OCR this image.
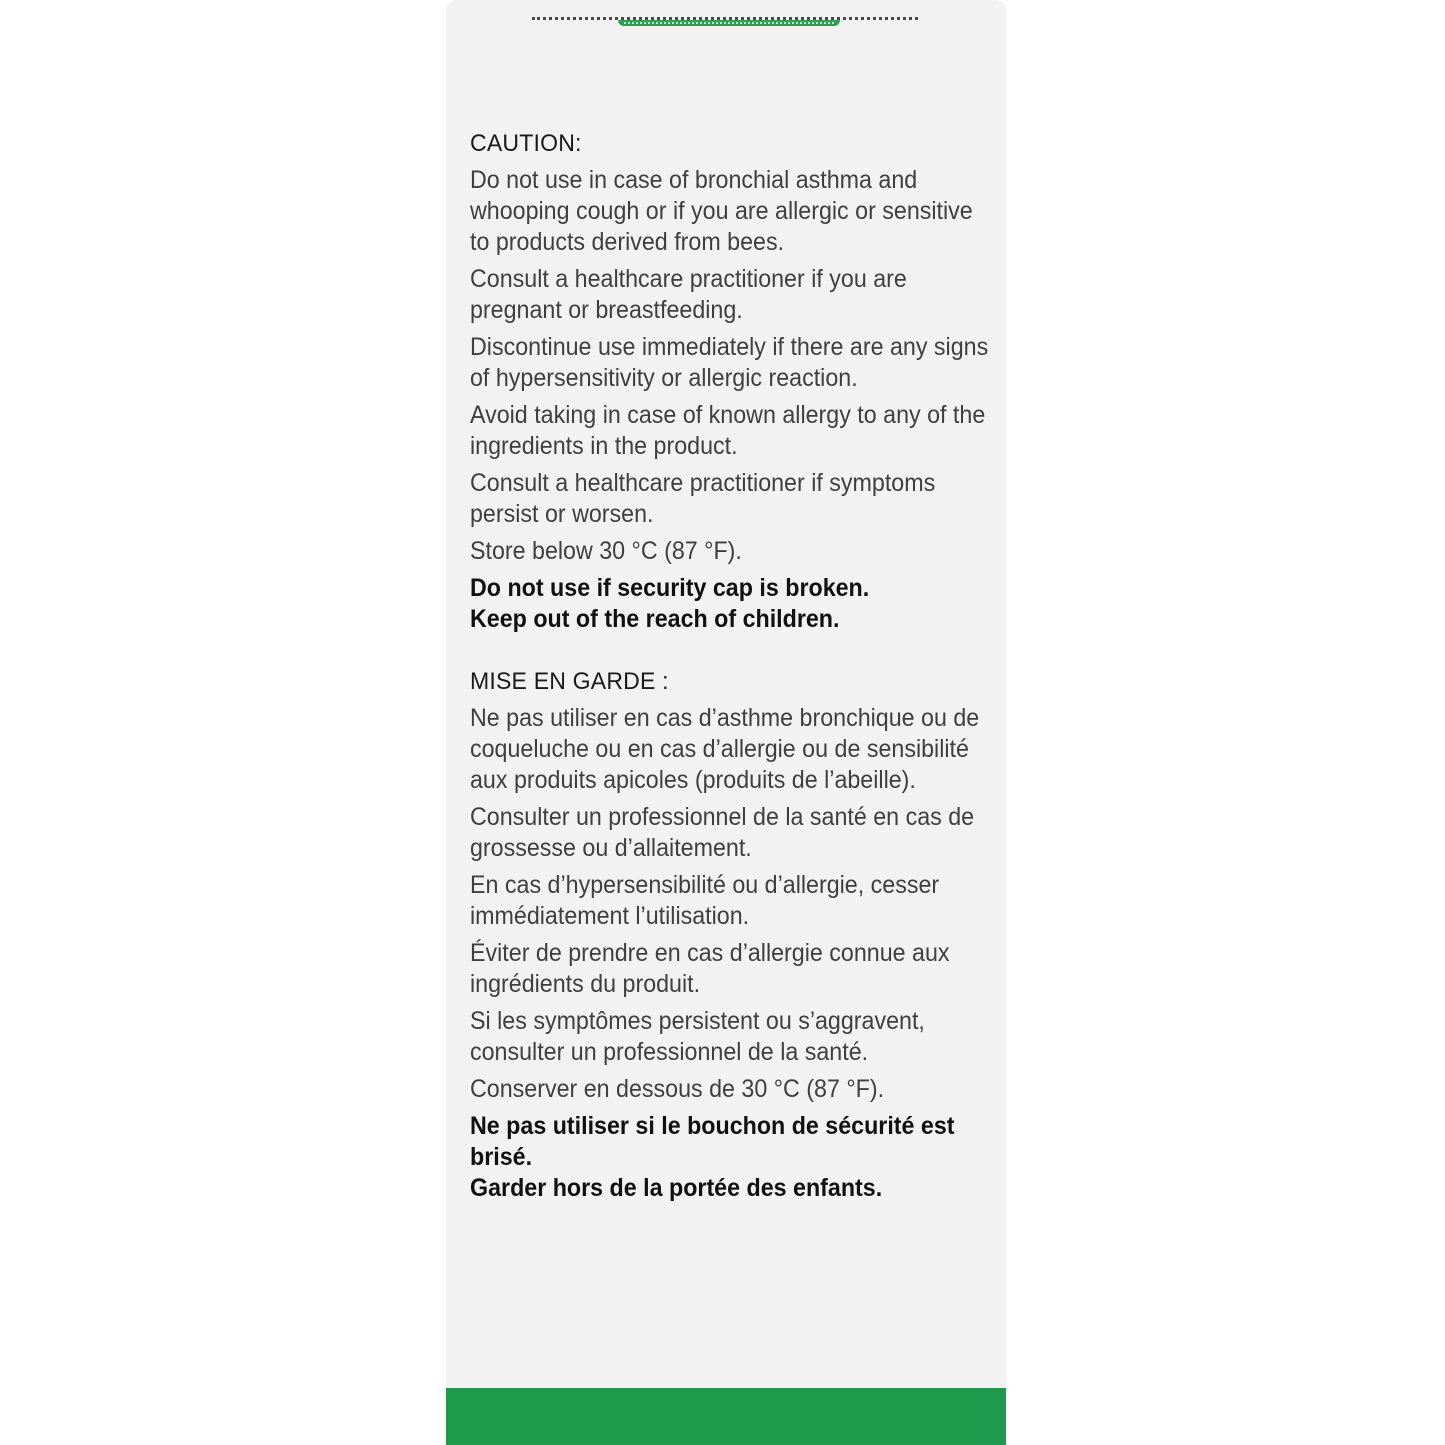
CAUTION:

Do not use in case of bronchial asthma and whooping cough or if you are allergic or sensitive to products derived from bees.

Consult a healthcare practitioner if you are pregnant or breastfeeding.

Discontinue use immediately if there are any signs of hypersensitivity or allergic reaction.

Avoid taking in case of known allergy to any of the ingredients in the product.

Consult a healthcare practitioner if symptoms persist or worsen.

Store below 30 °C (87 °F).

Do not use if security cap is broken.

Keep out of the reach of children.

MISE EN GARDE :

Ne pas utiliser en cas d’asthme bronchique ou de coqueluche ou en cas d’allergie ou de sensibilité aux produits apicoles (produits de l’abeille).

Consulter un professionnel de la santé en cas de grossesse ou d’allaitement.

En cas d’hypersensibilité ou d’allergie, cesser immédiatement l’utilisation.

Éviter de prendre en cas d’allergie connue aux ingrédients du produit.

Si les symptômes persistent ou s’aggravent, consulter un professionnel de la santé.

Conserver en dessous de 30 °C (87 °F).

Ne pas utiliser si le bouchon de sécurité est brisé.

Garder hors de la portée des enfants.
